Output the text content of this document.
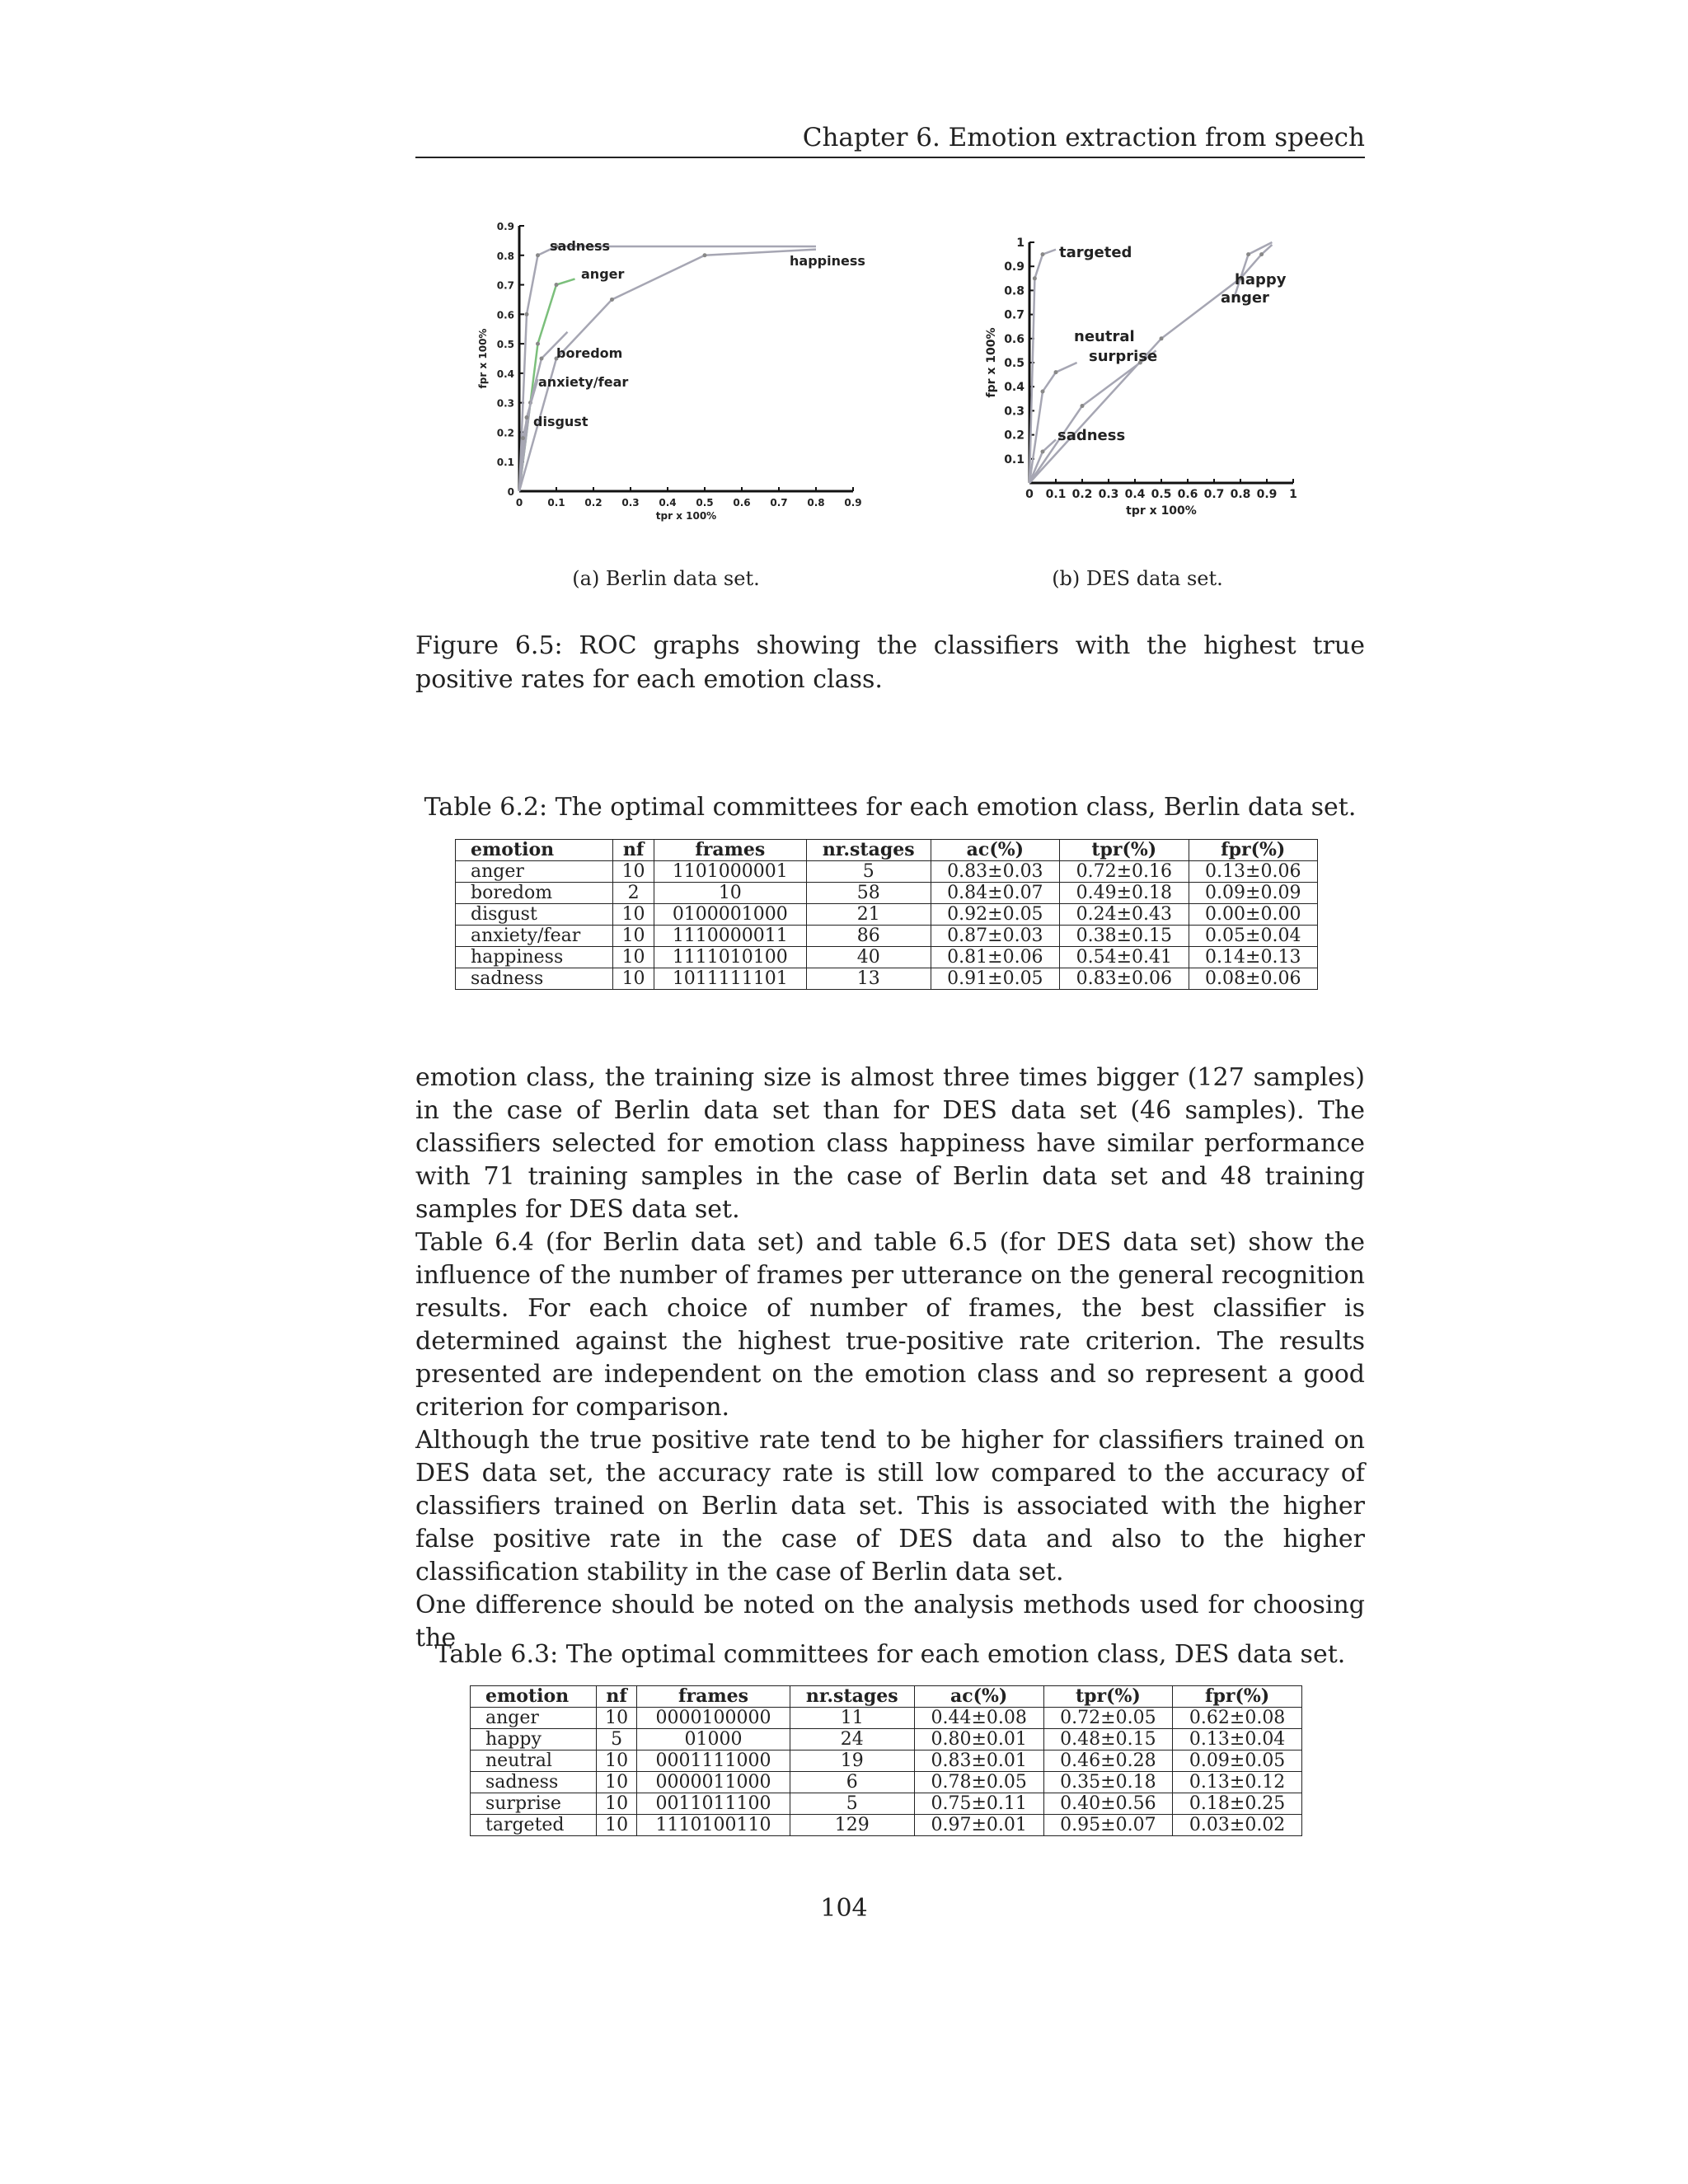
Chapter 6. Emotion extraction from speech
0	0.1 0.2 0.3 0.4 0.5 0.6 0.7 0.8 0.9
0
0.1
0.2
0.3
0.4
0.5
0.6
0.7
0.8
0.9
tpr x 100%
fpr x 100%
sadness
anger
happiness
boredom
anxiety/fear
disgust
(a) Berlin data set.
0 0.1 0.2 0.3 0.4 0.5 0.6 0.7 0.8 0.9 1
0.1
0.2
0.3
0.4
0.5
0.6
0.7
0.8
0.9
1
tpr x 100%
fpr x 100%
targeted
happy
anger
neutral
surprise
sadness
(b) DES data set.
Figure 6.5: ROC graphs showing the classifiers with the highest true positive rates for each emotion class.
Table 6.2: The optimal committees for each emotion class, Berlin data set.
emotion	nf	frames	nr.stages	ac(%)	tpr(%)	fpr(%)
anger	10	1101000001	5	0.83±0.03	0.72±0.16	0.13±0.06
boredom	2	10	58	0.84±0.07	0.49±0.18	0.09±0.09
disgust	10	0100001000	21	0.92±0.05	0.24±0.43	0.00±0.00
anxiety/fear	10	1110000011	86	0.87±0.03	0.38±0.15	0.05±0.04
happiness	10	1111010100	40	0.81±0.06	0.54±0.41	0.14±0.13
sadness	10	1011111101	13	0.91±0.05	0.83±0.06	0.08±0.06

emotion class, the training size is almost three times bigger (127 samples) in the case of Berlin data set than for DES data set (46 samples). The classifiers selected for emotion class happiness have similar performance with 71 training samples in the case of Berlin data set and 48 training samples for DES data set.

Table 6.4 (for Berlin data set) and table 6.5 (for DES data set) show the influence of the number of frames per utterance on the general recognition results. For each choice of number of frames, the best classifier is determined against the highest true-positive rate criterion. The results presented are independent on the emotion class and so represent a good criterion for comparison.

Although the true positive rate tend to be higher for classifiers trained on DES data set, the accuracy rate is still low compared to the accuracy of classifiers trained on Berlin data set. This is associated with the higher false positive rate in the case of DES data and also to the higher classification stability in the case of Berlin data set.

One difference should be noted on the analysis methods used for choosing the

Table 6.3: The optimal committees for each emotion class, DES data set.
emotion	nf	frames	nr.stages	ac(%)	tpr(%)	fpr(%)
anger	10	0000100000	11	0.44±0.08	0.72±0.05	0.62±0.08
happy	5	01000	24	0.80±0.01	0.48±0.15	0.13±0.04
neutral	10	0001111000	19	0.83±0.01	0.46±0.28	0.09±0.05
sadness	10	0000011000	6	0.78±0.05	0.35±0.18	0.13±0.12
surprise	10	0011011100	5	0.75±0.11	0.40±0.56	0.18±0.25
targeted	10	1110100110	129	0.97±0.01	0.95±0.07	0.03±0.02
104
